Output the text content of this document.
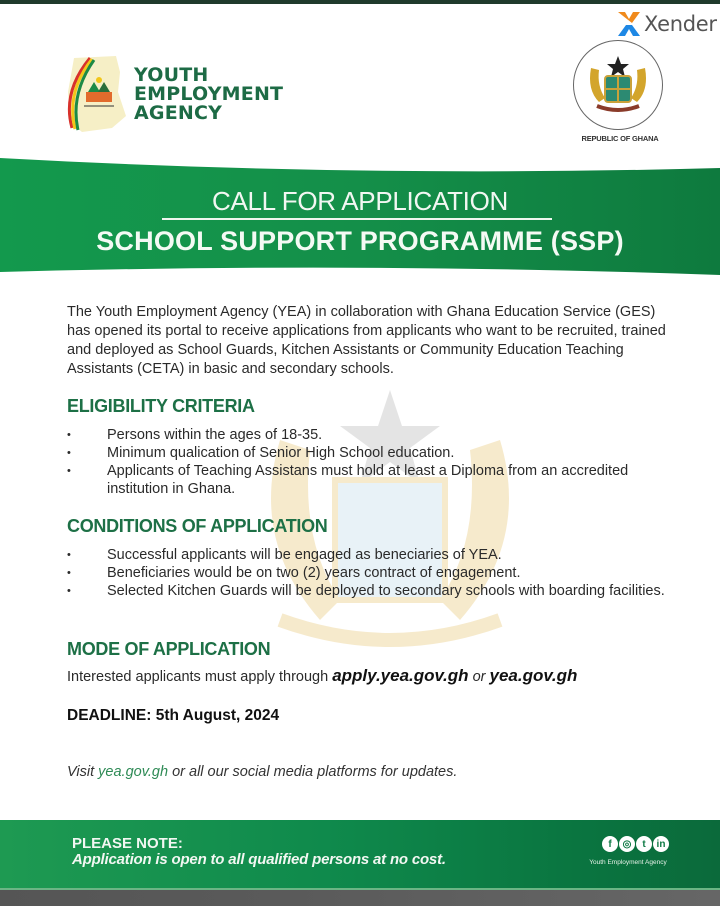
Xender
YOUTH
EMPLOYMENT
AGENCY
REPUBLIC OF GHANA
CALL FOR APPLICATION
SCHOOL SUPPORT PROGRAMME (SSP)

The Youth Employment Agency (YEA) in collaboration with Ghana Education Service (GES) has opened its portal to receive applications from applicants who want to be recruited, trained and deployed as School Guards, Kitchen Assistants or Community Education Teaching Assistants (CETA) in basic and secondary schools.

ELIGIBILITY CRITERIA
• Persons within the ages of 18-35.
• Minimum qualication of Senior High School education.
• Applicants of Teaching Assistans must hold at least a Diploma from an accredited institution in Ghana.
CONDITIONS OF APPLICATION
• Successful applicants will be engaged as beneciaries of YEA.
• Beneficiaries would be on two (2) years contract of engagement.
• Selected Kitchen Guards will be deployed to secondary schools with boarding facilities.
MODE OF APPLICATION
Interested applicants must apply through apply.yea.gov.gh or yea.gov.gh
DEADLINE: 5th August, 2024
Visit yea.gov.gh or all our social media platforms for updates.
PLEASE NOTE:
Application is open to all qualified persons at no cost.
f	◎	t	in
Youth Employment Agency
